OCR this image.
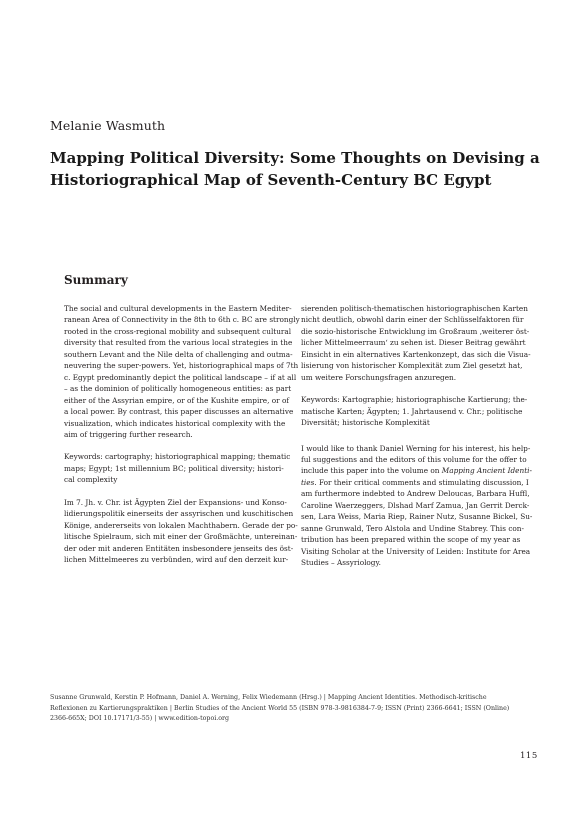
Melanie Wasmuth
Mapping Political Diversity: Some Thoughts on Devising a
Historiographical Map of Seventh-Century BC Egypt
Summary

The social and cultural developments in the Eastern Mediter-
ranean Area of Connectivity in the 8th to 6th c. BC are strongly
rooted in the cross-regional mobility and subsequent cultural
diversity that resulted from the various local strategies in the
southern Levant and the Nile delta of challenging and outma-
neuvering the super-powers. Yet, historiographical maps of 7th
c. Egypt predominantly depict the political landscape – if at all
– as the dominion of politically homogeneous entities: as part
either of the Assyrian empire, or of the Kushite empire, or of
a local power. By contrast, this paper discusses an alternative
visualization, which indicates historical complexity with the
aim of triggering further research.

Keywords: cartography; historiographical mapping; thematic
maps; Egypt; 1st millennium BC; political diversity; histori-
cal complexity

Im 7. Jh. v. Chr. ist Ägypten Ziel der Expansions- und Konso-
lidierungspolitik einerseits der assyrischen und kuschitischen
Könige, andererseits von lokalen Machthabern. Gerade der po-
litische Spielraum, sich mit einer der Großmächte, untereinan-
der oder mit anderen Entitäten insbesondere jenseits des öst-
lichen Mittelmeeres zu verbünden, wird auf den derzeit kur-

sierenden politisch-thematischen historiographischen Karten
nicht deutlich, obwohl darin einer der Schlüsselfaktoren für
die sozio-historische Entwicklung im Großraum ‚weiterer öst-
licher Mittelmeerraum‘ zu sehen ist. Dieser Beitrag gewährt
Einsicht in ein alternatives Kartenkonzept, das sich die Visua-
lisierung von historischer Komplexität zum Ziel gesetzt hat,
um weitere Forschungsfragen anzuregen.

Keywords: Kartographie; historiographische Kartierung; the-
matische Karten; Ägypten; 1. Jahrtausend v. Chr.; politische
Diversität; historische Komplexität

I would like to thank Daniel Werning for his interest, his help-
ful suggestions and the editors of this volume for the offer to
include this paper into the volume on Mapping Ancient Identi-
ties. For their critical comments and stimulating discussion, I
am furthermore indebted to Andrew Deloucas, Barbara Huffl,
Caroline Waerzeggers, Dlshad Marf Zamua, Jan Gerrit Derck-
sen, Lara Weiss, Maria Riep, Rainer Nutz, Susanne Bickel, Su-
sanne Grunwald, Tero Alstola and Undine Stabrey. This con-
tribution has been prepared within the scope of my year as
Visiting Scholar at the University of Leiden: Institute for Area
Studies – Assyriology.

Susanne Grunwald, Kerstin P. Hofmann, Daniel A. Werning, Felix Wiedemann (Hrsg.) | Mapping Ancient Identities. Methodisch-kritische
Reflexionen zu Kartierungspraktiken | Berlin Studies of the Ancient World 55 (ISBN 978-3-9816384-7-9; ISSN (Print) 2366-6641; ISSN (Online)
2366-665X; DOI 10.17171/3-55) | www.edition-topoi.org
115
